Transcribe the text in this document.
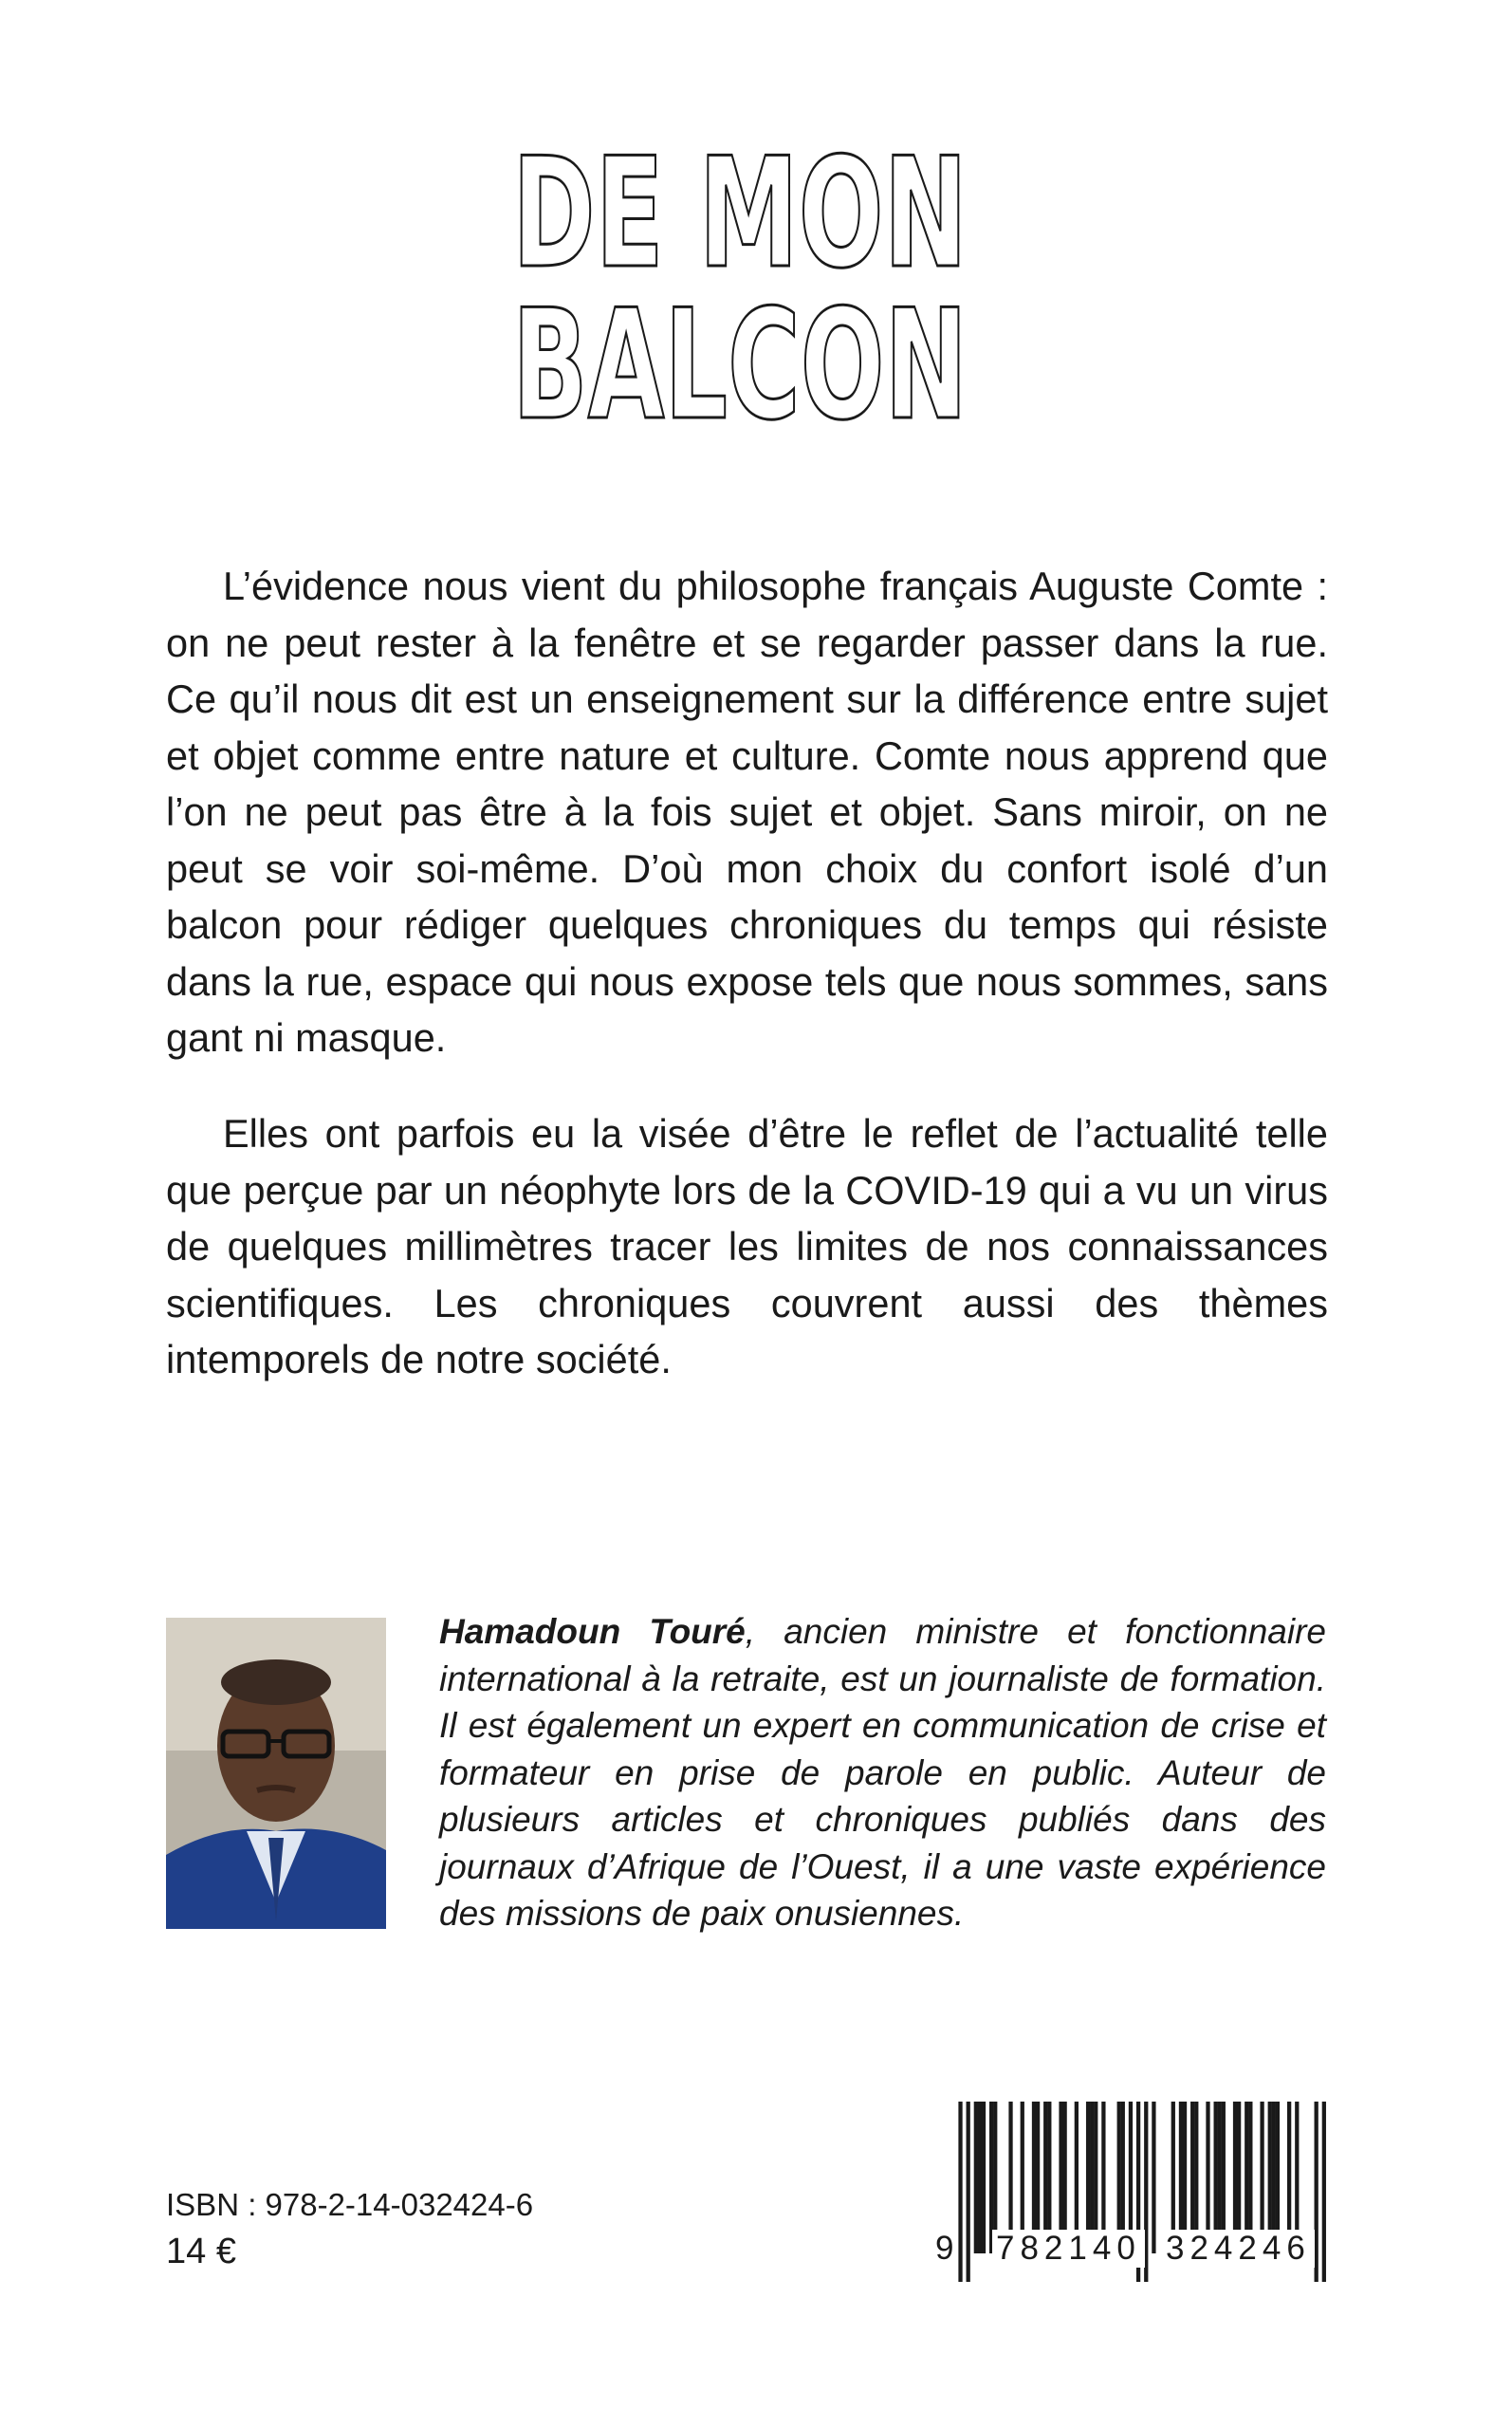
DE MON
BALCON

L’évidence nous vient du philosophe français Auguste Comte : on ne peut rester à la fenêtre et se regarder passer dans la rue. Ce qu’il nous dit est un enseignement sur la différence entre sujet et objet comme entre nature et culture. Comte nous apprend que l’on ne peut pas être à la fois sujet et objet. Sans miroir, on ne peut se voir soi-même. D’où mon choix du confort isolé d’un balcon pour rédiger quelques chroniques du temps qui résiste dans la rue, espace qui nous expose tels que nous sommes, sans gant ni masque.

Elles ont parfois eu la visée d’être le reflet de l’actualité telle que perçue par un néophyte lors de la COVID-19 qui a vu un virus de quelques millimètres tracer les limites de nos connaissances scientifiques. Les chroniques couvrent aussi des thèmes intemporels de notre société.

Hamadoun Touré, ancien ministre et fonctionnaire international à la retraite, est un journaliste de formation. Il est également un expert en communication de crise et formateur en prise de parole en public. Auteur de plusieurs articles et chroniques publiés dans des journaux d’Afrique de l’Ouest, il a une vaste expérience des missions de paix onusiennes.

ISBN : 978-2-14-032424-6
14 €	9 782140 324246
